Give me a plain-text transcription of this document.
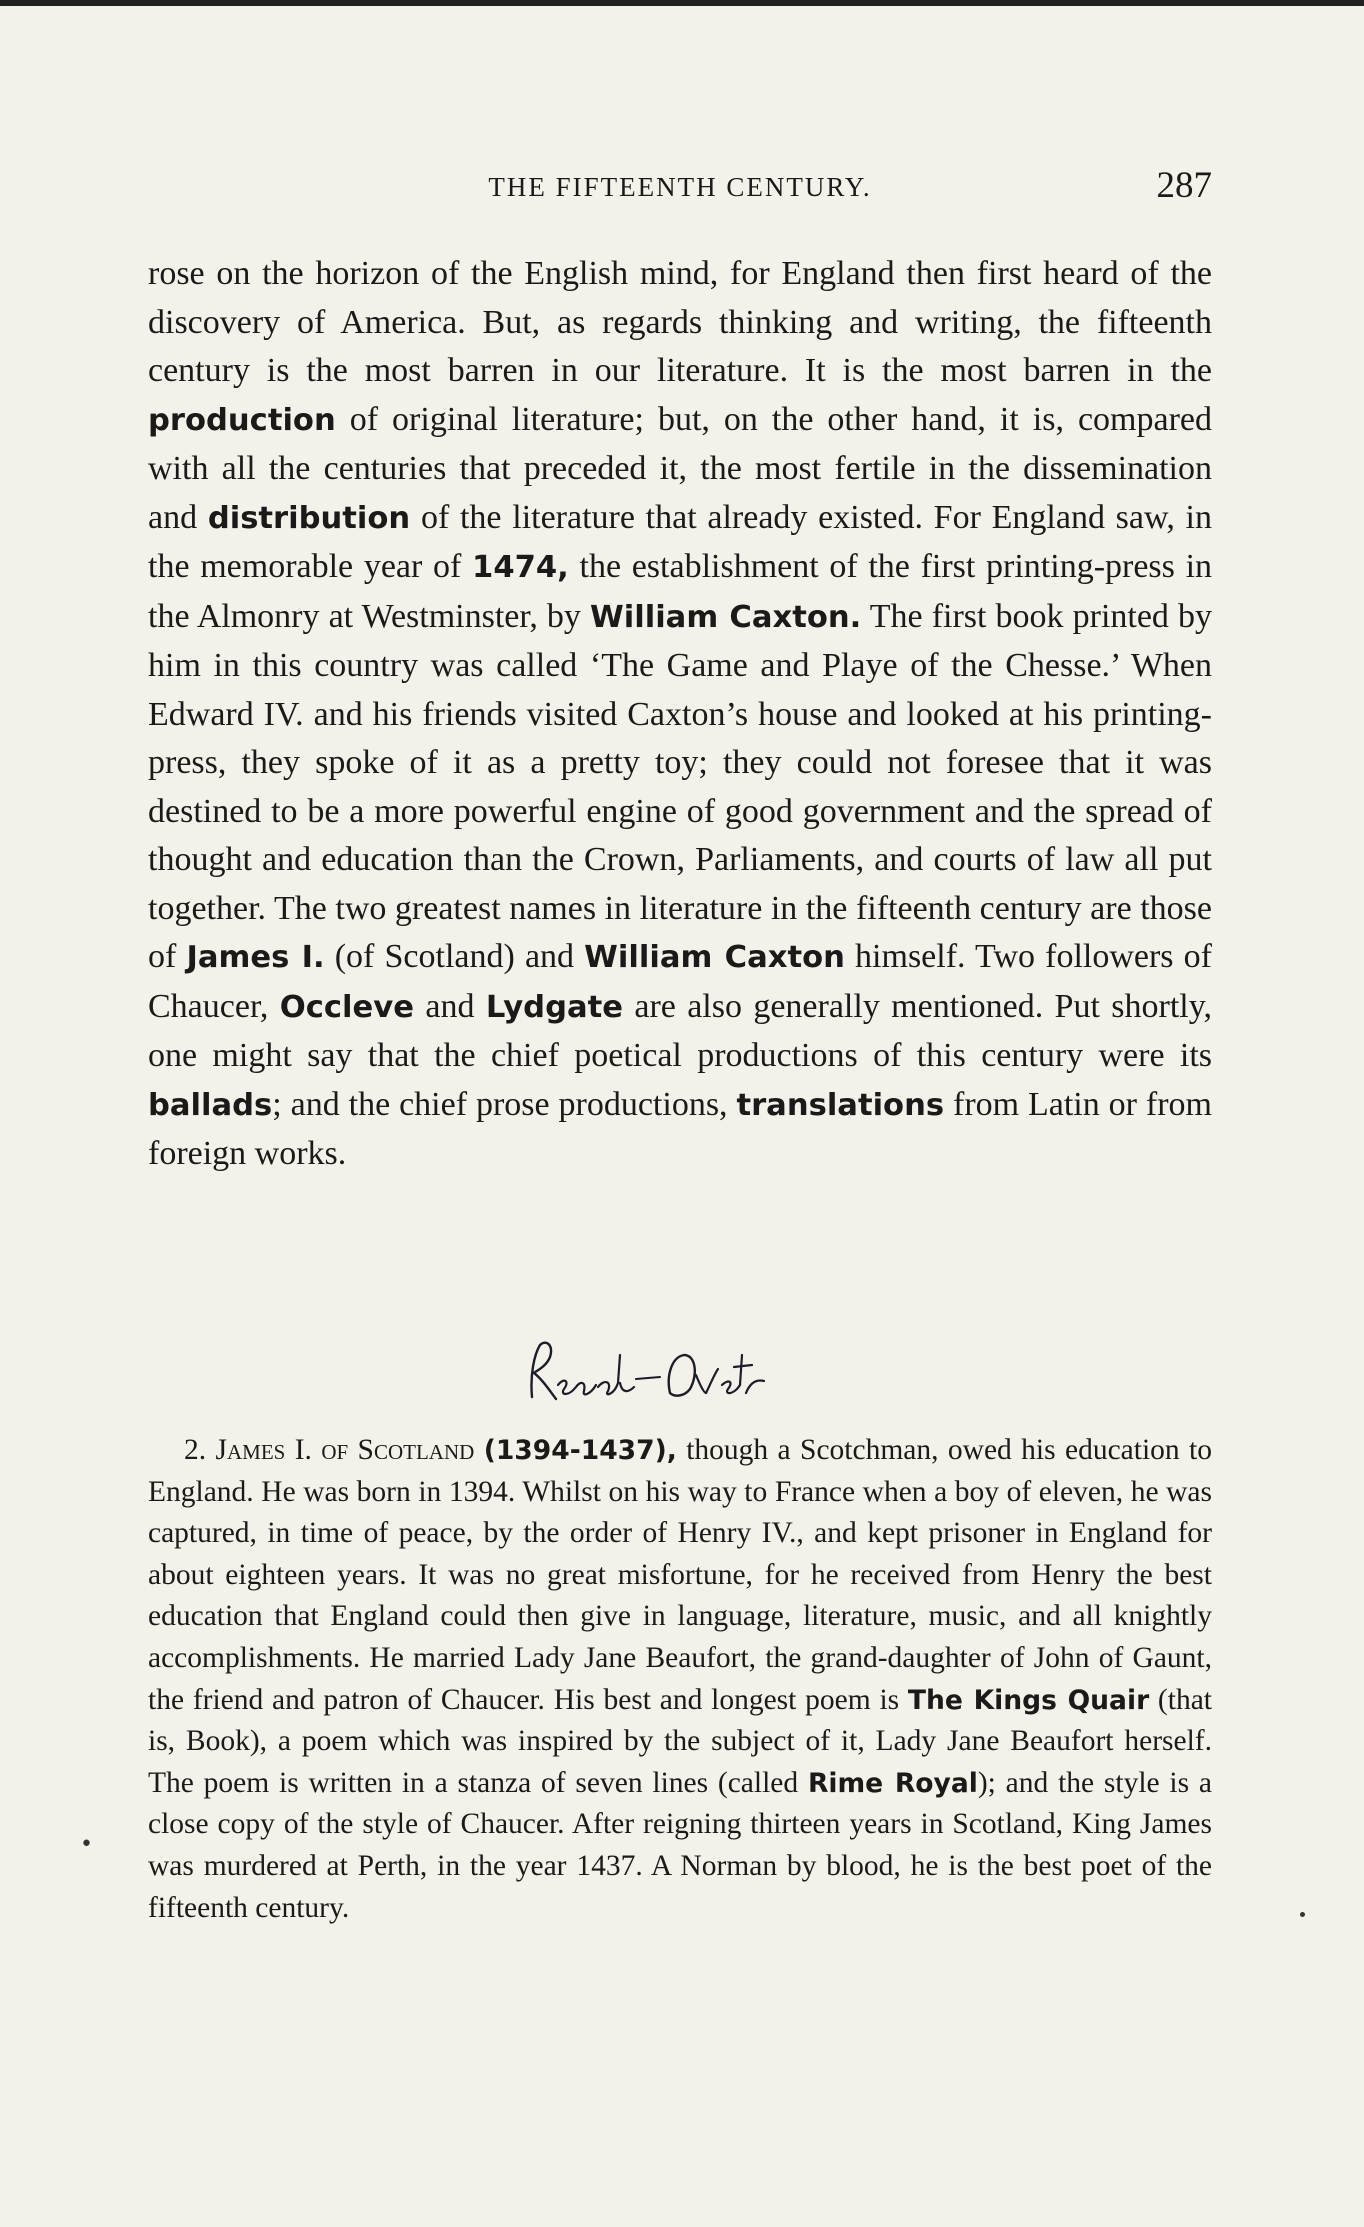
THE FIFTEENTH CENTURY.	287

rose on the horizon of the English mind, for England then first heard of the discovery of America. But, as regards thinking and writing, the fifteenth century is the most barren in our literature. It is the most barren in the production of original literature; but, on the other hand, it is, compared with all the centuries that preceded it, the most fertile in the dissemination and distribution of the literature that already existed. For England saw, in the memorable year of 1474, the establishment of the first printing-press in the Almonry at Westminster, by William Caxton. The first book printed by him in this country was called ‘The Game and Playe of the Chesse.’ When Edward IV. and his friends visited Caxton’s house and looked at his printing-press, they spoke of it as a pretty toy; they could not foresee that it was destined to be a more powerful engine of good government and the spread of thought and education than the Crown, Parliaments, and courts of law all put together. The two greatest names in literature in the fifteenth century are those of James I. (of Scotland) and William Caxton himself. Two followers of Chaucer, Occleve and Lydgate are also generally mentioned. Put shortly, one might say that the chief poetical productions of this century were its ballads; and the chief prose productions, translations from Latin or from foreign works.

2. James I. of Scotland (1394-1437), though a Scotchman, owed his education to England. He was born in 1394. Whilst on his way to France when a boy of eleven, he was captured, in time of peace, by the order of Henry IV., and kept prisoner in England for about eighteen years. It was no great misfortune, for he received from Henry the best education that England could then give in language, literature, music, and all knightly accomplishments. He married Lady Jane Beaufort, the grand-daughter of John of Gaunt, the friend and patron of Chaucer. His best and longest poem is The Kings Quair (that is, Book), a poem which was inspired by the subject of it, Lady Jane Beaufort herself. The poem is written in a stanza of seven lines (called Rime Royal); and the style is a close copy of the style of Chaucer. After reigning thirteen years in Scotland, King James was murdered at Perth, in the year 1437. A Norman by blood, he is the best poet of the fifteenth century.

•
